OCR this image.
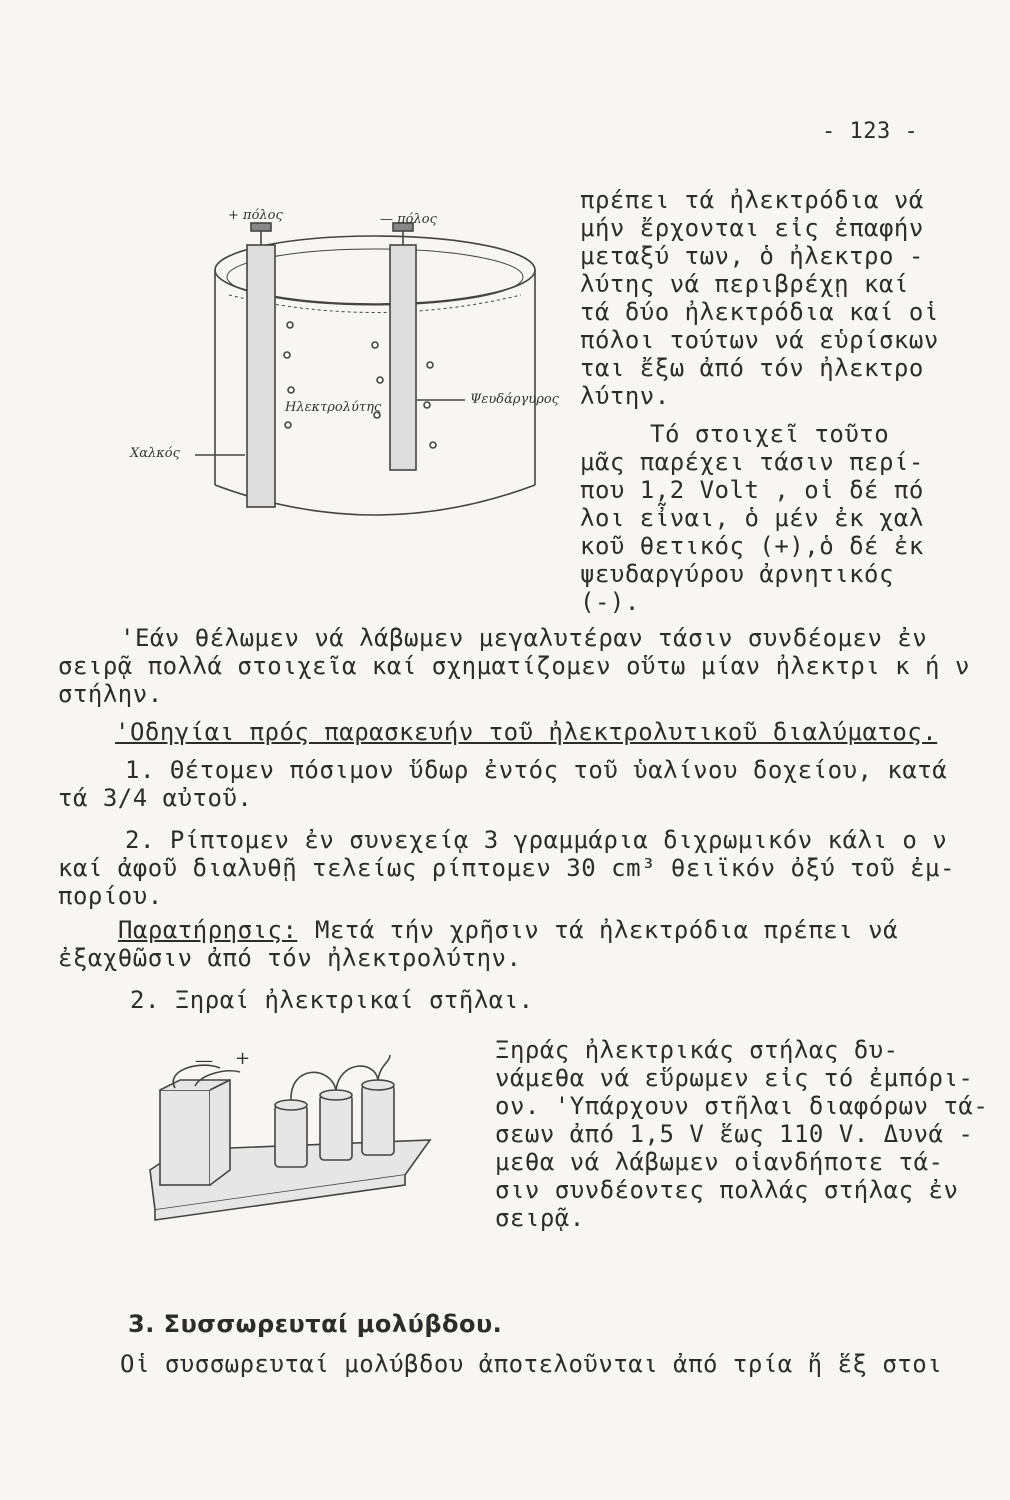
- 123 -
+ πόλος	— πόλος
Ηλεκτρολύτης
Χαλκός
Ψευδάργυρος
πρέπει τά ἠλεκτρόδια νά
μήν ἔρχονται εἰς ἐπαφήν
μεταξύ των, ὁ ἠλεκτρο -
λύτης νά περιβρέχῃ καί
τά δύο ἠλεκτρόδια καί οἱ
πόλοι τούτων νά εὑρίσκων
ται ἔξω ἀπό τόν ἠλεκτρο
λύτην.
Τό στοιχεῖ τοῦτο
μᾶς παρέχει τάσιν περί-
που 1,2 Volt , οἱ δέ πό
λοι εἶναι, ὁ μέν ἐκ χαλ
κοῦ θετικός (+),ὁ δέ ἐκ
ψευδαργύρου ἀρνητικός
(-).
'Εάν θέλωμεν νά λάβωμεν μεγαλυτέραν τάσιν συνδέομεν ἐν
σειρᾷ πολλά στοιχεῖα καί σχηματίζομεν οὕτω μίαν ἠλεκτρι κ ή ν
στήλην.
'Οδηγίαι πρός παρασκευήν τοῦ ἠλεκτρολυτικοῦ διαλύματος.
1. Θέτομεν πόσιμον ὕδωρ ἐντός τοῦ ὑαλίνου δοχείου, κατά
τά 3/4 αὐτοῦ.
2. Ρίπτομεν ἐν συνεχείᾳ 3 γραμμάρια διχρωμικόν κάλι ο ν
καί ἀφοῦ διαλυθῇ τελείως ρίπτομεν 30 cm³ θειϊκόν ὀξύ τοῦ ἐμ-
πορίου.
Παρατήρησις: Μετά τήν χρῆσιν τά ἠλεκτρόδια πρέπει νά
ἐξαχθῶσιν ἀπό τόν ἠλεκτρολύτην.
2. Ξηραί ἠλεκτρικαί στῆλαι.
Ξηράς ἠλεκτρικάς στήλας δυ-
νάμεθα νά εὕρωμεν εἰς τό ἐμπόρι-
ον. 'Υπάρχουν στῆλαι διαφόρων τά-
σεων ἀπό 1,5 V ἕως 110 V. Δυνά -
μεθα νά λάβωμεν οἱανδήποτε τά-
σιν συνδέοντες πολλάς στήλας ἐν
σειρᾷ.
— +
3. Συσσωρευταί μολύβδου.
Οἱ συσσωρευταί μολύβδου ἀποτελοῦνται ἀπό τρία ἤ ἕξ στοι
